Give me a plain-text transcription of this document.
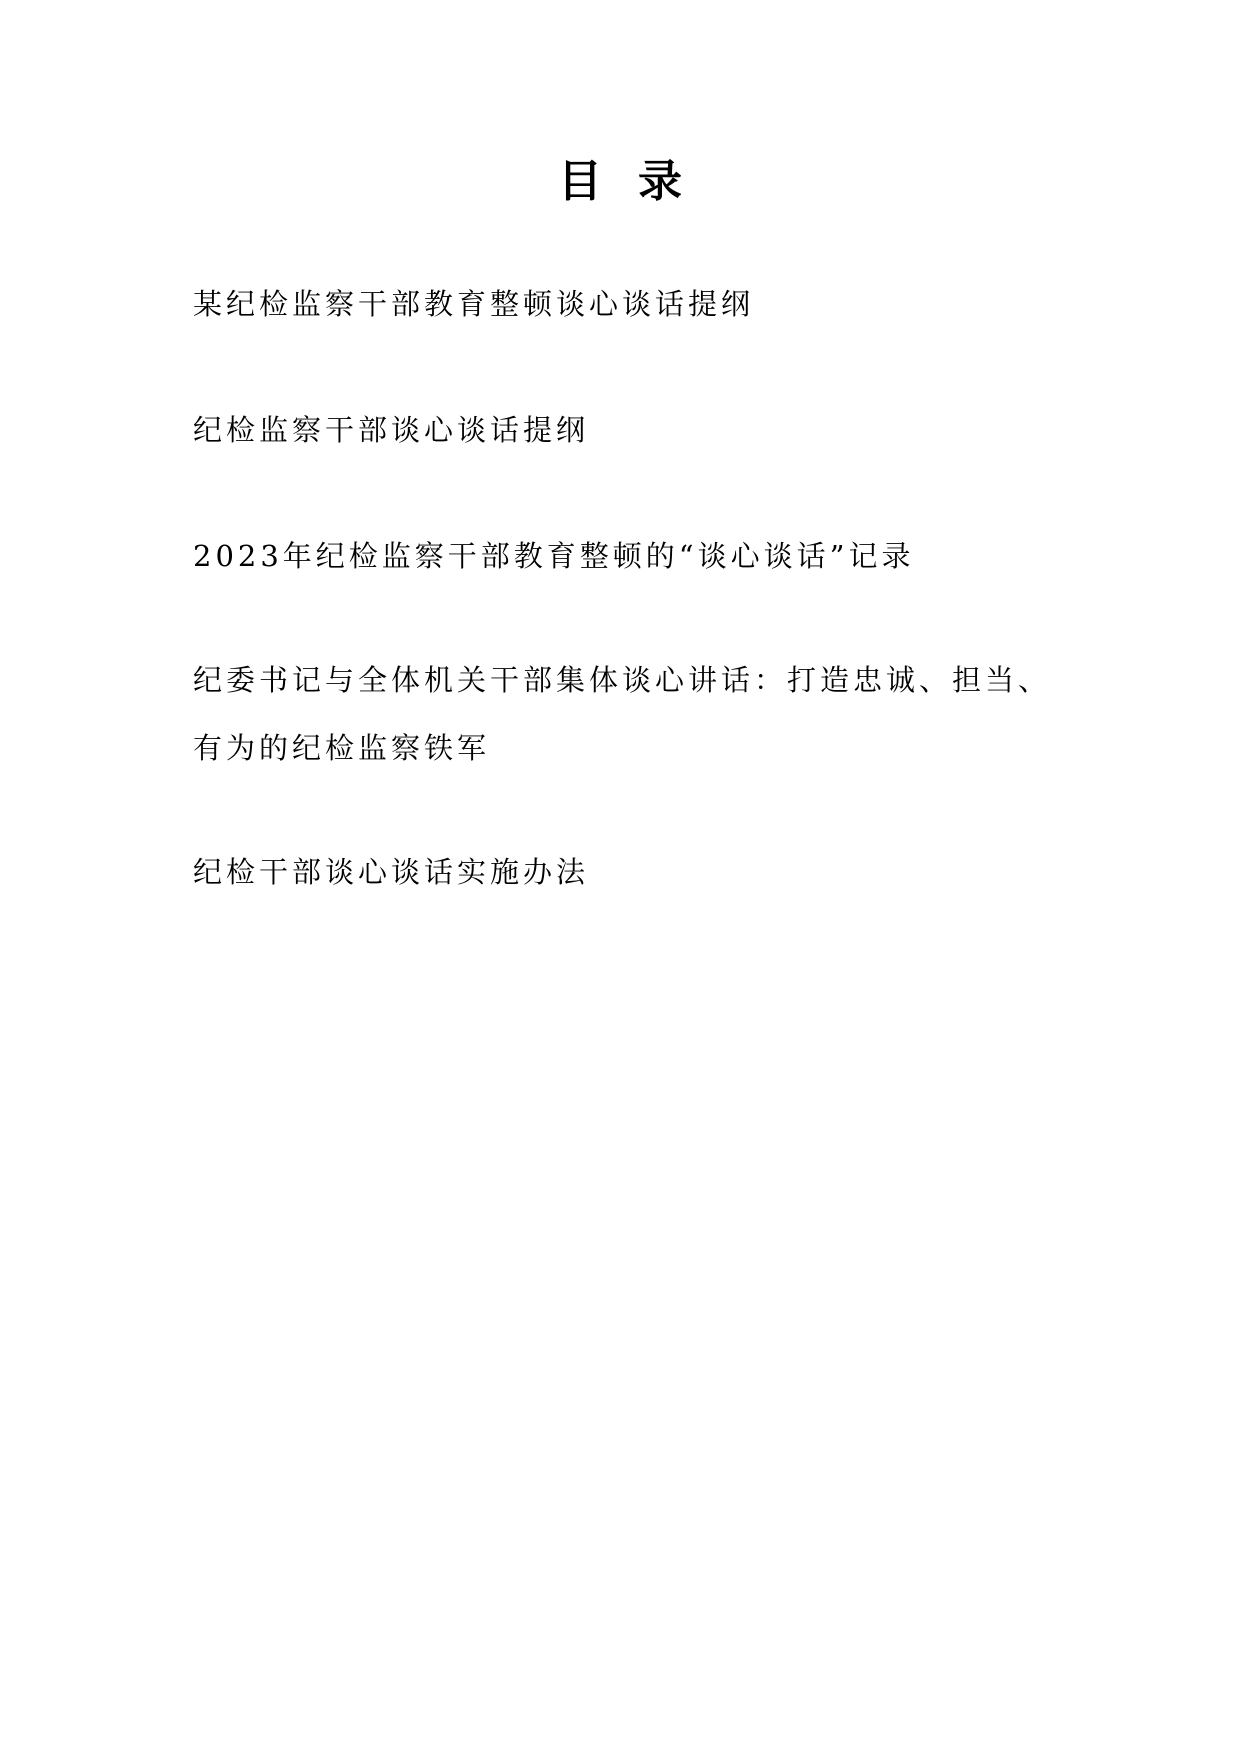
目录
某纪检监察干部教育整顿谈心谈话提纲
纪检监察干部谈心谈话提纲
2023年纪检监察干部教育整顿的“谈心谈话”记录
纪委书记与全体机关干部集体谈心讲话：打造忠诚、担当、
有为的纪检监察铁军
纪检干部谈心谈话实施办法
